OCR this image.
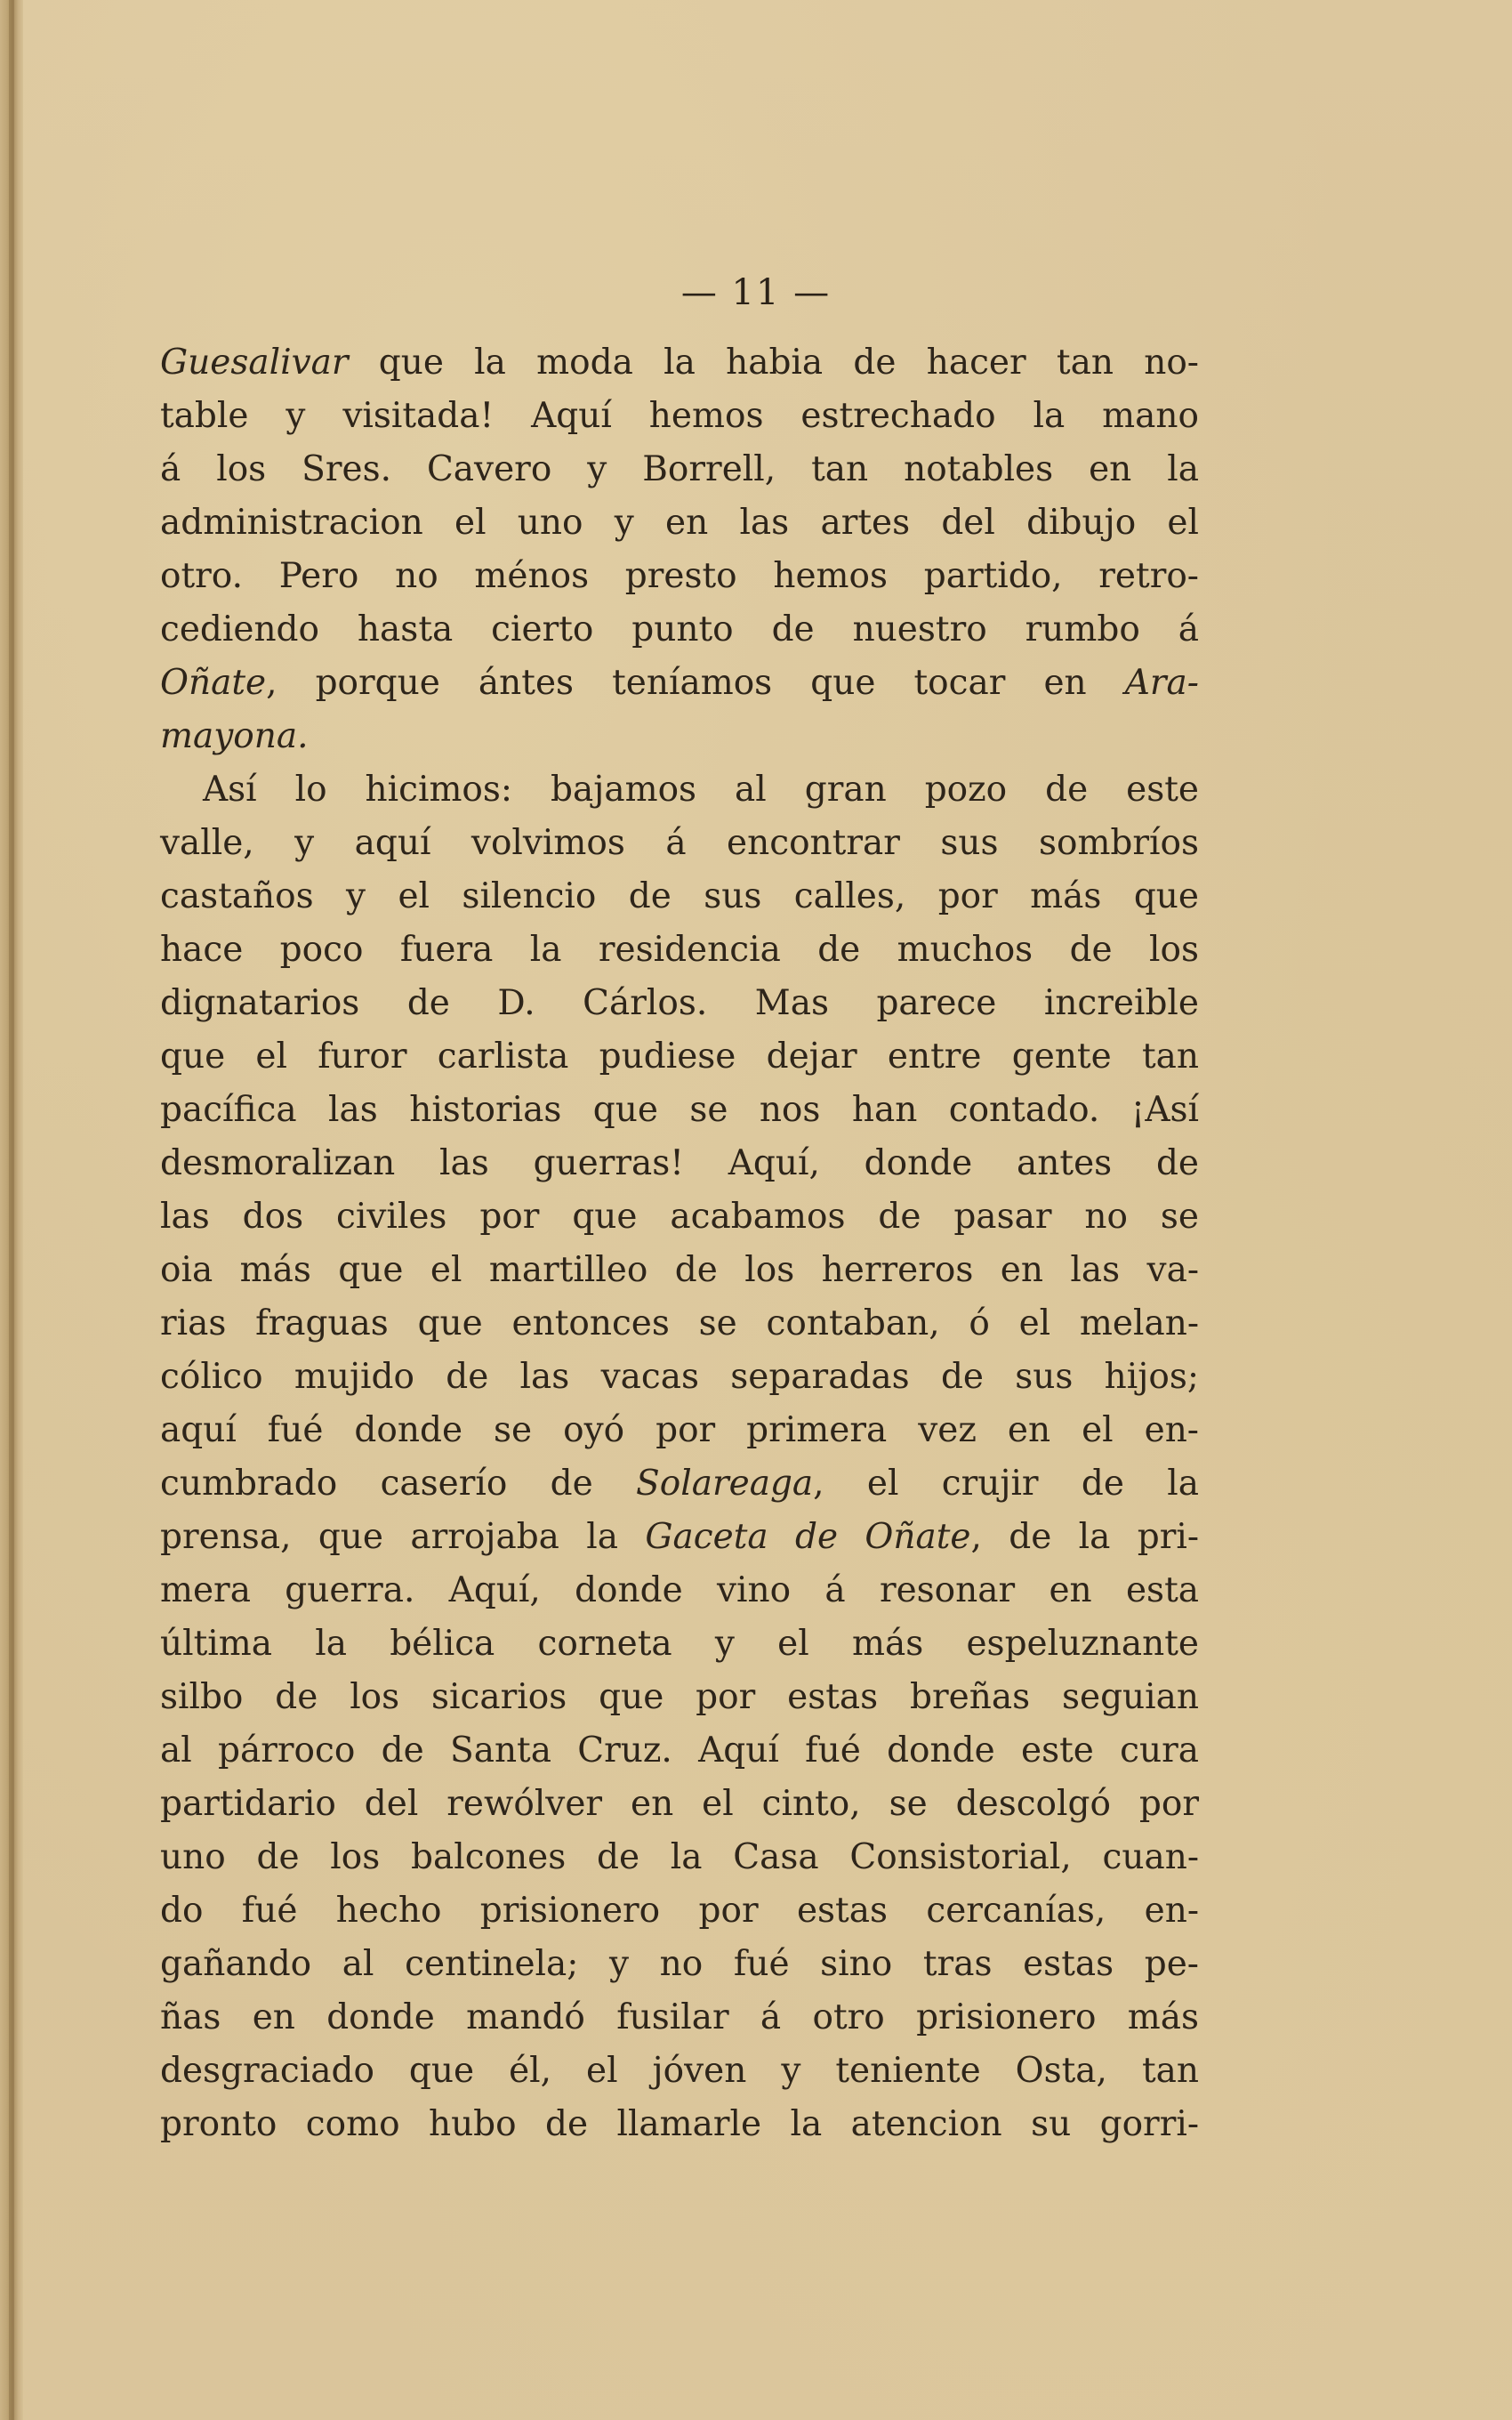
— 11 —
Guesalivar que la moda la habia de hacer tan no-
table y visitada! Aquí hemos estrechado la mano
á los Sres. Cavero y Borrell, tan notables en la
administracion el uno y en las artes del dibujo el
otro. Pero no ménos presto hemos partido, retro-
cediendo hasta cierto punto de nuestro rumbo á
Oñate, porque ántes teníamos que tocar en Ara-
mayona.
Así lo hicimos: bajamos al gran pozo de este
valle, y aquí volvimos á encontrar sus sombríos
castaños y el silencio de sus calles, por más que
hace poco fuera la residencia de muchos de los
dignatarios de D. Cárlos. Mas parece increible
que el furor carlista pudiese dejar entre gente tan
pacífica las historias que se nos han contado. ¡Así
desmoralizan las guerras! Aquí, donde antes de
las dos civiles por que acabamos de pasar no se
oia más que el martilleo de los herreros en las va-
rias fraguas que entonces se contaban, ó el melan-
cólico mujido de las vacas separadas de sus hijos;
aquí fué donde se oyó por primera vez en el en-
cumbrado caserío de Solareaga, el crujir de la
prensa, que arrojaba la Gaceta de Oñate, de la pri-
mera guerra. Aquí, donde vino á resonar en esta
última la bélica corneta y el más espeluznante
silbo de los sicarios que por estas breñas seguian
al párroco de Santa Cruz. Aquí fué donde este cura
partidario del rewólver en el cinto, se descolgó por
uno de los balcones de la Casa Consistorial, cuan-
do fué hecho prisionero por estas cercanías, en-
gañando al centinela; y no fué sino tras estas pe-
ñas en donde mandó fusilar á otro prisionero más
desgraciado que él, el jóven y teniente Osta, tan
pronto como hubo de llamarle la atencion su gorri-
